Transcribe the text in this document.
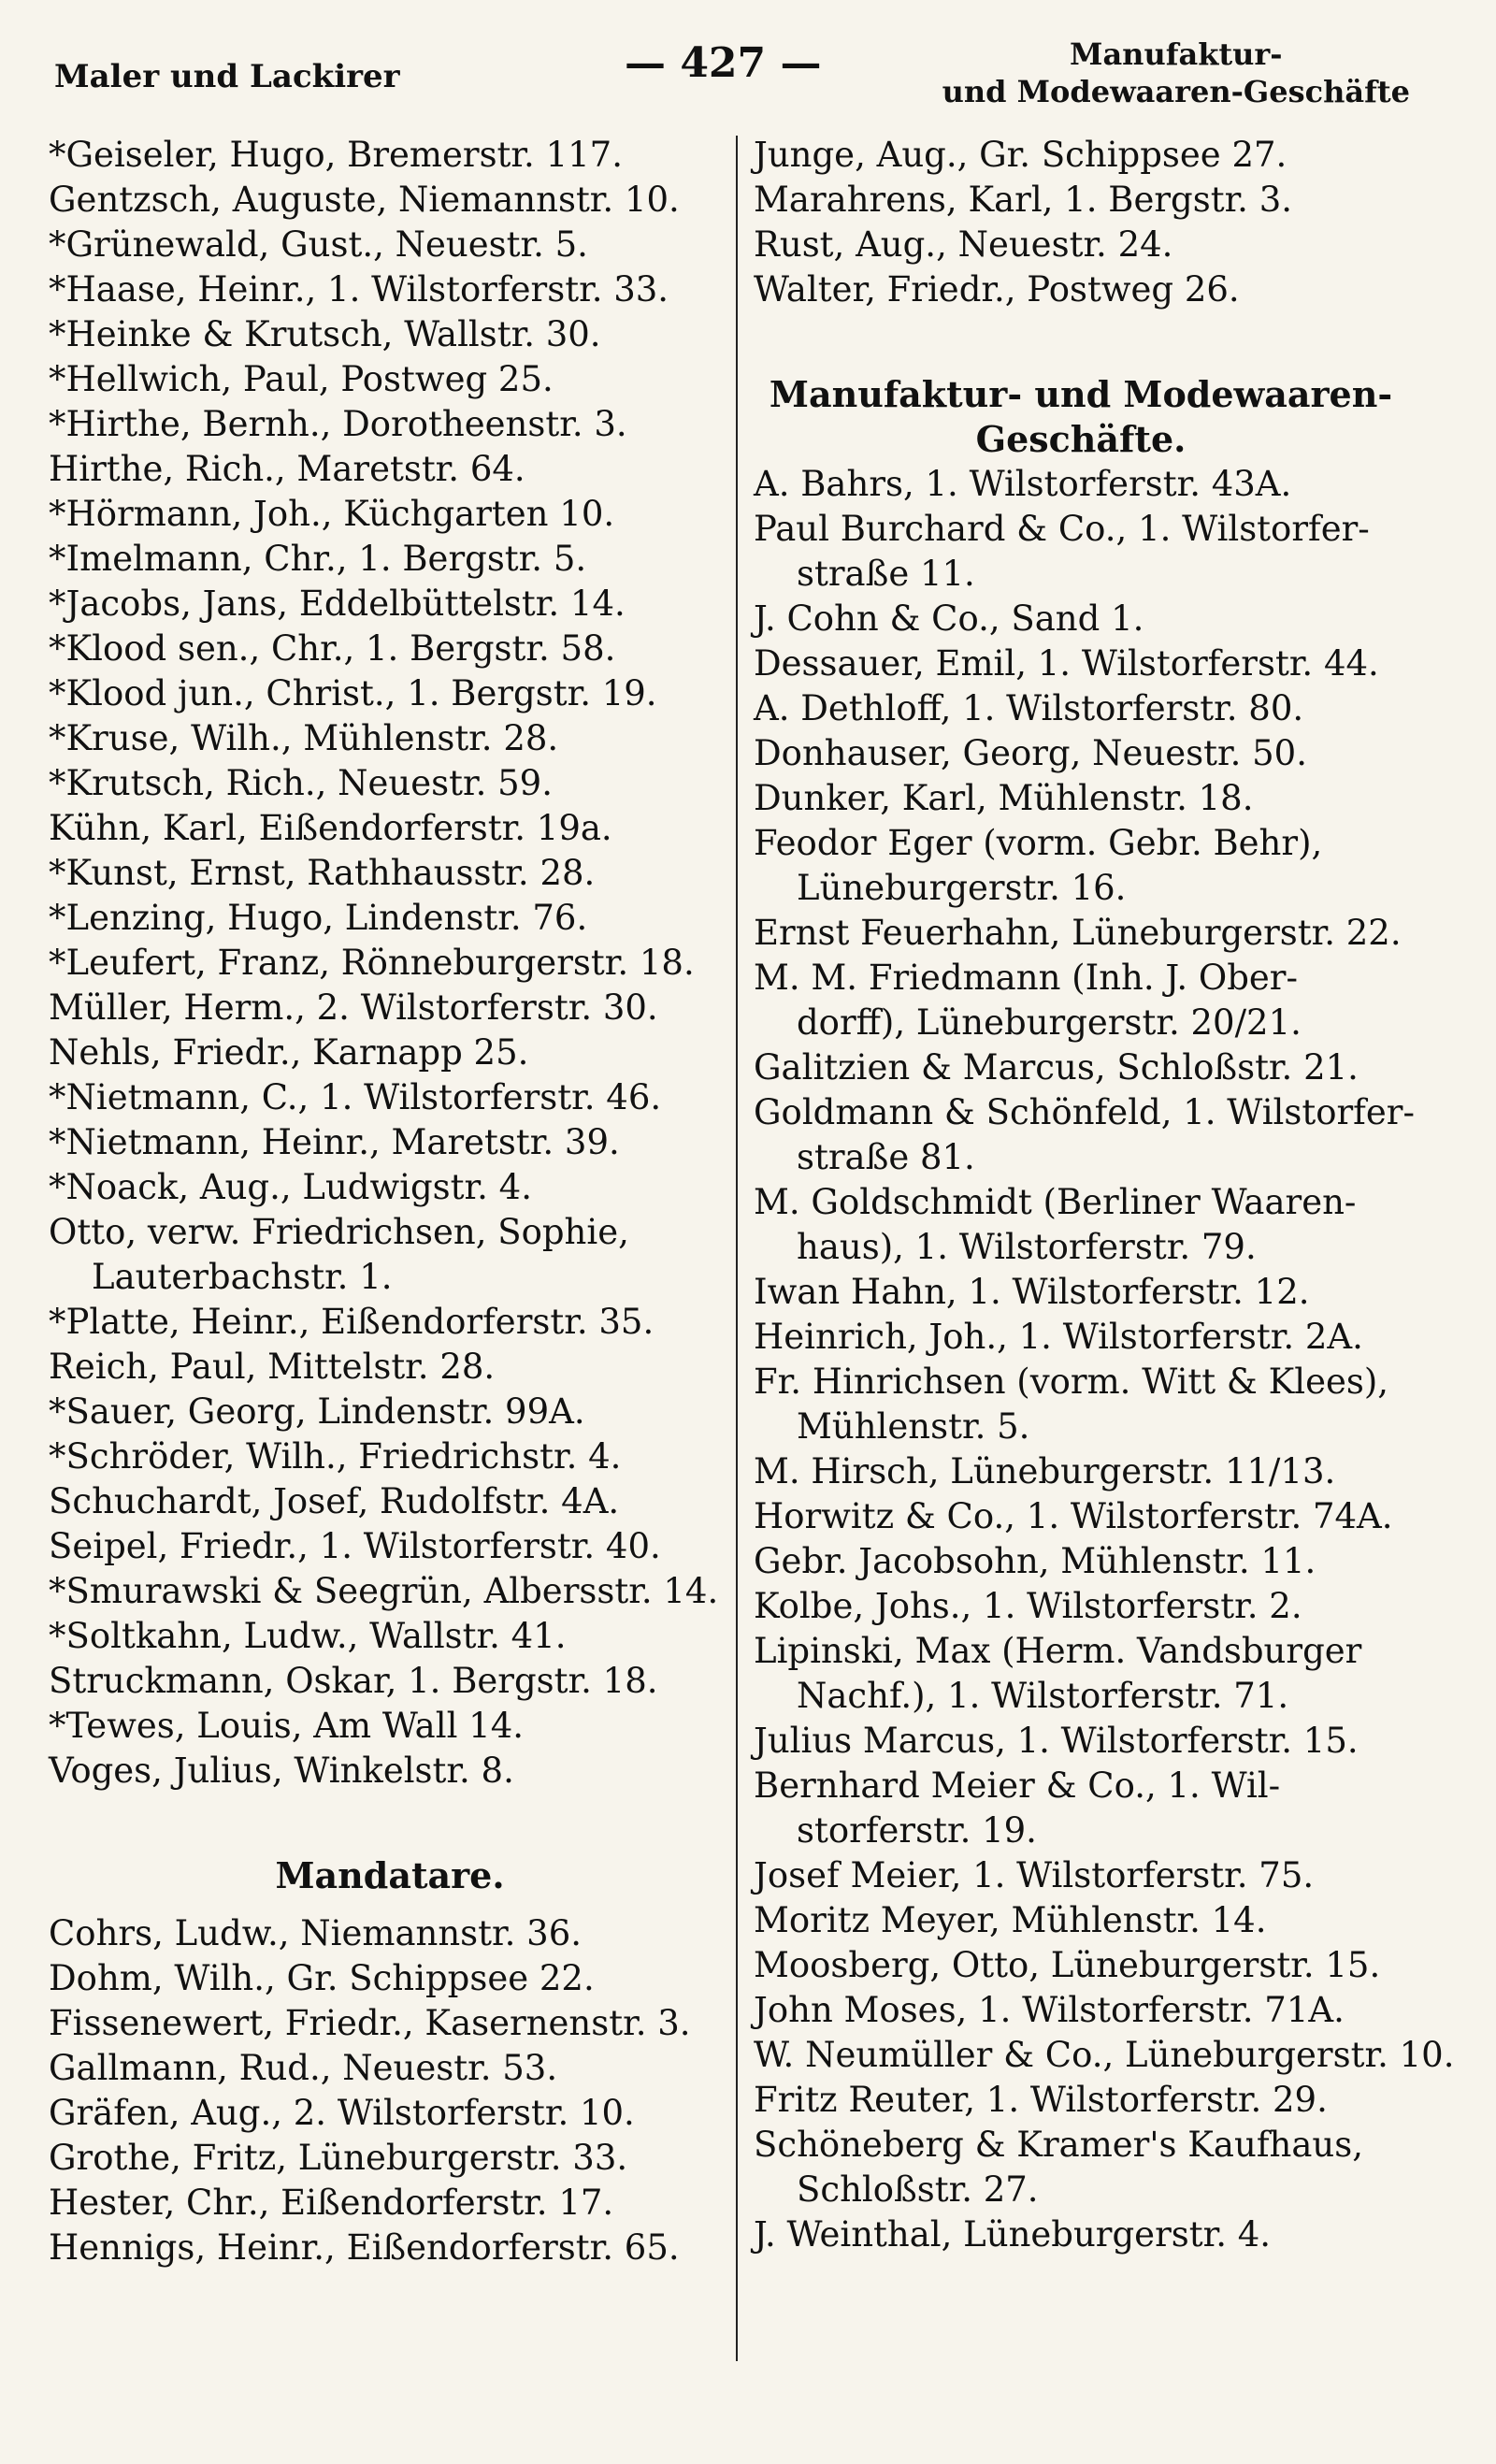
Maler und Lackirer	— 427 —	Manufaktur-
und Modewaaren-Geschäfte
*Geiseler, Hugo, Bremerstr. 117.
Gentzsch, Auguste, Niemannstr. 10.
*Grünewald, Gust., Neuestr. 5.
*Haase, Heinr., 1. Wilstorferstr. 33.
*Heinke & Krutsch, Wallstr. 30.
*Hellwich, Paul, Postweg 25.
*Hirthe, Bernh., Dorotheenstr. 3.
Hirthe, Rich., Maretstr. 64.
*Hörmann, Joh., Küchgarten 10.
*Imelmann, Chr., 1. Bergstr. 5.
*Jacobs, Jans, Eddelbüttelstr. 14.
*Klood sen., Chr., 1. Bergstr. 58.
*Klood jun., Christ., 1. Bergstr. 19.
*Kruse, Wilh., Mühlenstr. 28.
*Krutsch, Rich., Neuestr. 59.
Kühn, Karl, Eißendorferstr. 19a.
*Kunst, Ernst, Rathhausstr. 28.
*Lenzing, Hugo, Lindenstr. 76.
*Leufert, Franz, Rönneburgerstr. 18.
Müller, Herm., 2. Wilstorferstr. 30.
Nehls, Friedr., Karnapp 25.
*Nietmann, C., 1. Wilstorferstr. 46.
*Nietmann, Heinr., Maretstr. 39.
*Noack, Aug., Ludwigstr. 4.
Otto, verw. Friedrichsen, Sophie,
Lauterbachstr. 1.
*Platte, Heinr., Eißendorferstr. 35.
Reich, Paul, Mittelstr. 28.
*Sauer, Georg, Lindenstr. 99A.
*Schröder, Wilh., Friedrichstr. 4.
Schuchardt, Josef, Rudolfstr. 4A.
Seipel, Friedr., 1. Wilstorferstr. 40.
*Smurawski & Seegrün, Albersstr. 14.
*Soltkahn, Ludw., Wallstr. 41.
Struckmann, Oskar, 1. Bergstr. 18.
*Tewes, Louis, Am Wall 14.
Voges, Julius, Winkelstr. 8.
Mandatare.
Cohrs, Ludw., Niemannstr. 36.
Dohm, Wilh., Gr. Schippsee 22.
Fissenewert, Friedr., Kasernenstr. 3.
Gallmann, Rud., Neuestr. 53.
Gräfen, Aug., 2. Wilstorferstr. 10.
Grothe, Fritz, Lüneburgerstr. 33.
Hester, Chr., Eißendorferstr. 17.
Hennigs, Heinr., Eißendorferstr. 65.
Junge, Aug., Gr. Schippsee 27.
Marahrens, Karl, 1. Bergstr. 3.
Rust, Aug., Neuestr. 24.
Walter, Friedr., Postweg 26.
Manufaktur- und Modewaaren-
Geschäfte.
A. Bahrs, 1. Wilstorferstr. 43A.
Paul Burchard & Co., 1. Wilstorfer-
straße 11.
J. Cohn & Co., Sand 1.
Dessauer, Emil, 1. Wilstorferstr. 44.
A. Dethloff, 1. Wilstorferstr. 80.
Donhauser, Georg, Neuestr. 50.
Dunker, Karl, Mühlenstr. 18.
Feodor Eger (vorm. Gebr. Behr),
Lüneburgerstr. 16.
Ernst Feuerhahn, Lüneburgerstr. 22.
M. M. Friedmann (Inh. J. Ober-
dorff), Lüneburgerstr. 20/21.
Galitzien & Marcus, Schloßstr. 21.
Goldmann & Schönfeld, 1. Wilstorfer-
straße 81.
M. Goldschmidt (Berliner Waaren-
haus), 1. Wilstorferstr. 79.
Iwan Hahn, 1. Wilstorferstr. 12.
Heinrich, Joh., 1. Wilstorferstr. 2A.
Fr. Hinrichsen (vorm. Witt & Klees),
Mühlenstr. 5.
M. Hirsch, Lüneburgerstr. 11/13.
Horwitz & Co., 1. Wilstorferstr. 74A.
Gebr. Jacobsohn, Mühlenstr. 11.
Kolbe, Johs., 1. Wilstorferstr. 2.
Lipinski, Max (Herm. Vandsburger
Nachf.), 1. Wilstorferstr. 71.
Julius Marcus, 1. Wilstorferstr. 15.
Bernhard Meier & Co., 1. Wil-
storferstr. 19.
Josef Meier, 1. Wilstorferstr. 75.
Moritz Meyer, Mühlenstr. 14.
Moosberg, Otto, Lüneburgerstr. 15.
John Moses, 1. Wilstorferstr. 71A.
W. Neumüller & Co., Lüneburgerstr. 10.
Fritz Reuter, 1. Wilstorferstr. 29.
Schöneberg & Kramer's Kaufhaus,
Schloßstr. 27.
J. Weinthal, Lüneburgerstr. 4.
